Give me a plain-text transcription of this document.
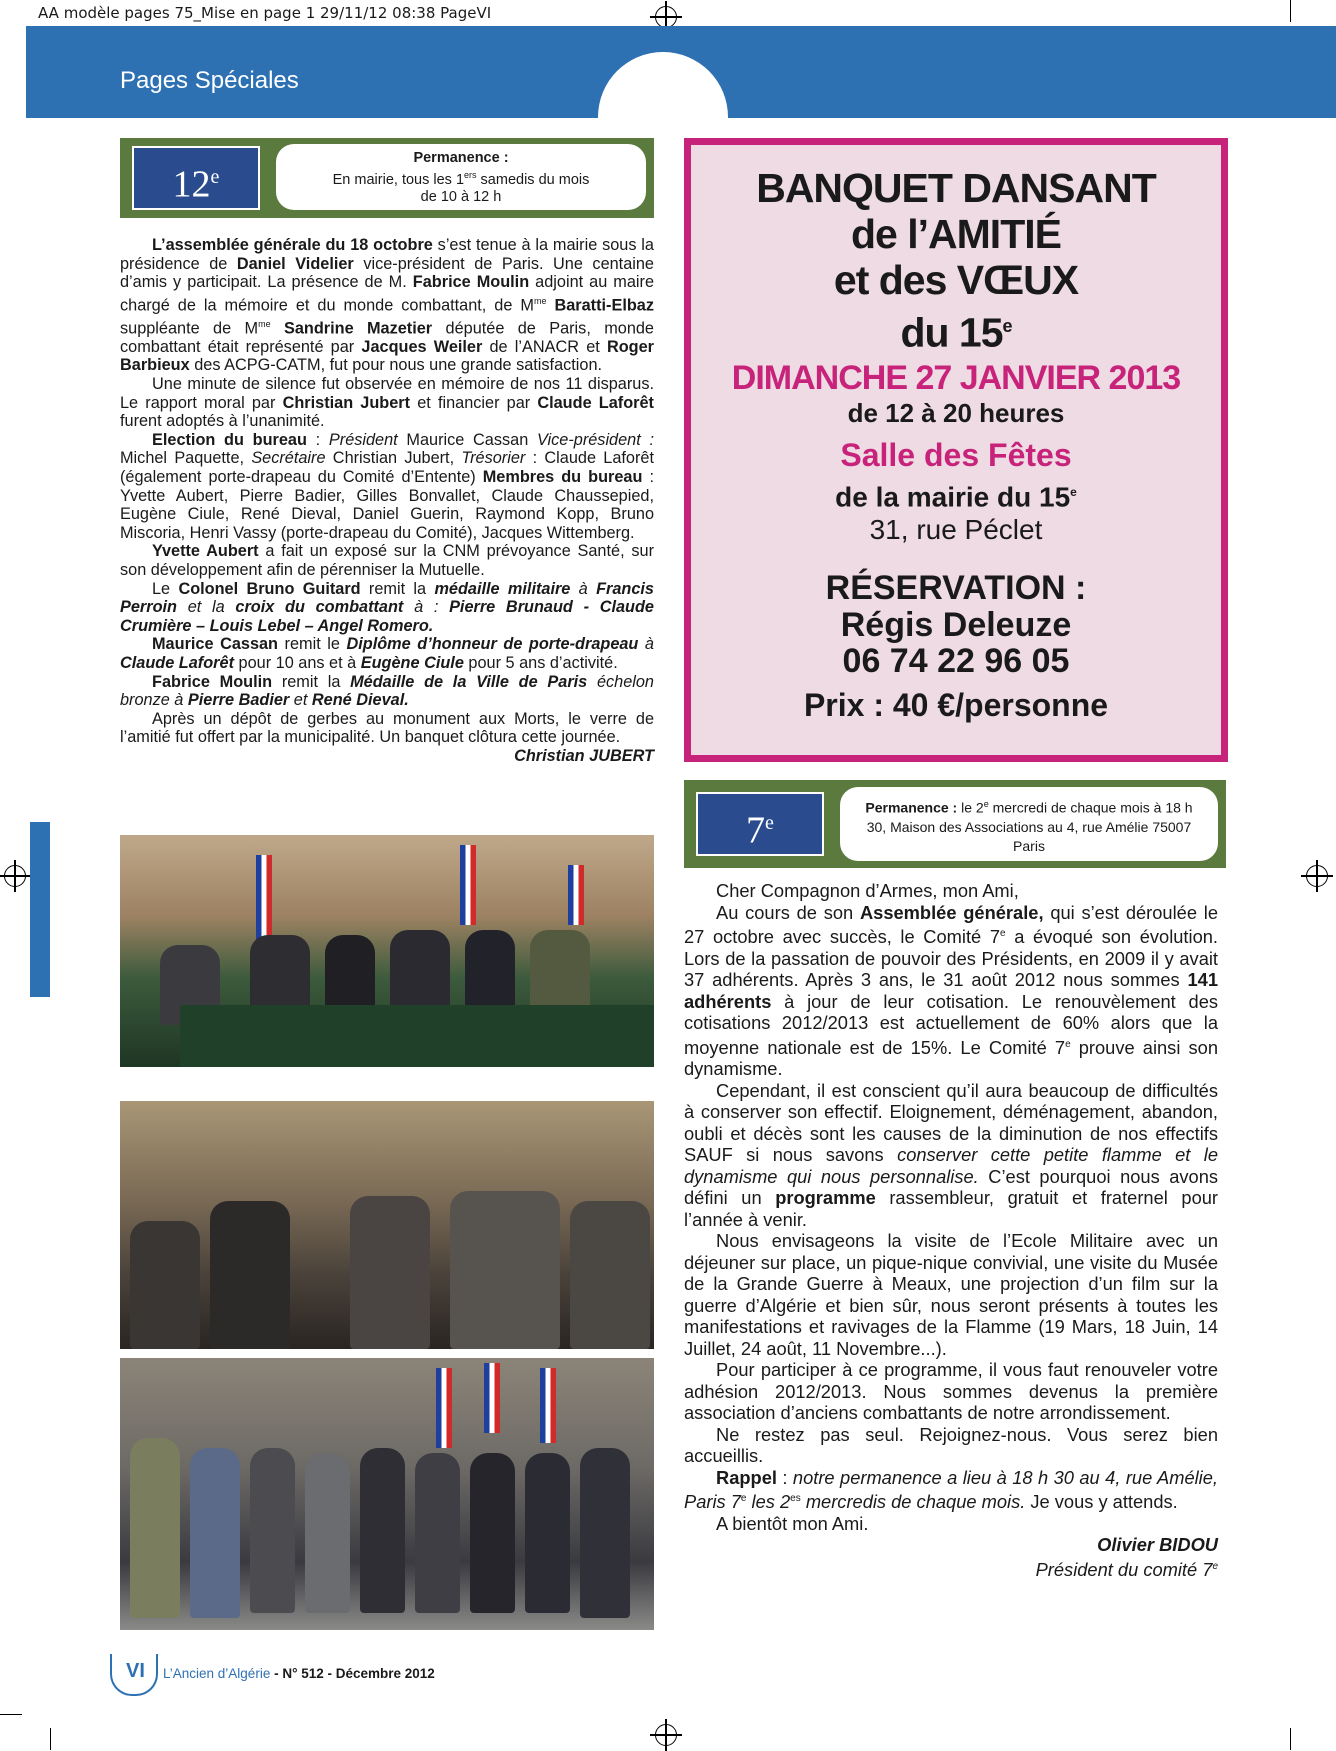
AA modèle pages 75_Mise en page 1 29/11/12 08:38 PageVI
Pages Spéciales
12e
Permanence :
En mairie, tous les 1ers samedis du mois
de 10 à 12 h

L’assemblée générale du 18 octobre s’est tenue à la mairie sous la présidence de Daniel Videlier vice-président de Paris. Une centaine d’amis y participait. La présence de M. Fabrice Moulin adjoint au maire chargé de la mémoire et du monde combattant, de $M^{me}$ Baratti-Elbaz suppléante de $M^{me}$ Sandrine Mazetier députée de Paris, monde combattant était représenté par Jacques Weiler de l’ANACR et Roger Barbieux des ACPG-CATM, fut pour nous une grande satisfaction.

Une minute de silence fut observée en mémoire de nos 11 disparus. Le rapport moral par Christian Jubert et financier par Claude Laforêt furent adoptés à l’unanimité.

Election du bureau : Président Maurice Cassan Vice-président : Michel Paquette, Secrétaire Christian Jubert, Trésorier : Claude Laforêt (également porte-drapeau du Comité d’Entente) Membres du bureau : Yvette Aubert, Pierre Badier, Gilles Bonvallet, Claude Chaussepied, Eugène Ciule, René Dieval, Daniel Guerin, Raymond Kopp, Bruno Miscoria, Henri Vassy (porte-drapeau du Comité), Jacques Wittemberg.

Yvette Aubert a fait un exposé sur la CNM prévoyance Santé, sur son développement afin de pérenniser la Mutuelle.

Le Colonel Bruno Guitard remit la médaille militaire à Francis Perroin et la croix du combattant à : Pierre Brunaud - Claude Crumière – Louis Lebel – Angel Romero.

Maurice Cassan remit le Diplôme d’honneur de porte-drapeau à Claude Laforêt pour 10 ans et à Eugène Ciule pour 5 ans d’activité.

Fabrice Moulin remit la Médaille de la Ville de Paris échelon bronze à Pierre Badier et René Dieval.

Après un dépôt de gerbes au monument aux Morts, le verre de l’amitié fut offert par la municipalité. Un banquet clôtura cette journée.

Christian JUBERT

BANQUET DANSANT
de l’AMITIÉ
et des VŒUX
du 15e
DIMANCHE 27 JANVIER 2013
de 12 à 20 heures
Salle des Fêtes
de la mairie du 15e
31, rue Péclet
RÉSERVATION :
Régis Deleuze
06 74 22 96 05
Prix : 40 €/personne
7e
Permanence : le 2e mercredi de chaque mois à 18 h 30, Maison des Associations au 4, rue Amélie 75007 Paris

Cher Compagnon d’Armes, mon Ami,

Au cours de son Assemblée générale, qui s’est déroulée le 27 octobre avec succès, le Comité 7e a évoqué son évolution. Lors de la passation de pouvoir des Présidents, en 2009 il y avait 37 adhérents. Après 3 ans, le 31 août 2012 nous sommes 141 adhérents à jour de leur cotisation. Le renouvèlement des cotisations 2012/2013 est actuellement de 60% alors que la moyenne nationale est de 15%. Le Comité 7e prouve ainsi son dynamisme.

Cependant, il est conscient qu’il aura beaucoup de difficultés à conserver son effectif. Eloignement, déménagement, abandon, oubli et décès sont les causes de la diminution de nos effectifs SAUF si nous savons conserver cette petite flamme et le dynamisme qui nous personnalise. C’est pourquoi nous avons défini un programme rassembleur, gratuit et fraternel pour l’année à venir.

Nous envisageons la visite de l’Ecole Militaire avec un déjeuner sur place, un pique-nique convivial, une visite du Musée de la Grande Guerre à Meaux, une projection d’un film sur la guerre d’Algérie et bien sûr, nous seront présents à toutes les manifestations et ravivages de la Flamme (19 Mars, 18 Juin, 14 Juillet, 24 août, 11 Novembre...).

Pour participer à ce programme, il vous faut renouveler votre adhésion 2012/2013. Nous sommes devenus la première association d’anciens combattants de notre arrondissement.

Ne restez pas seul. Rejoignez-nous. Vous serez bien accueillis.

Rappel : notre permanence a lieu à 18 h 30 au 4, rue Amélie, Paris 7e les $2^{es}$ mercredis de chaque mois. Je vous y attends.

A bientôt mon Ami.

Olivier BIDOU

Président du comité 7e

VI L’Ancien d’Algérie - N° 512 - Décembre 2012
